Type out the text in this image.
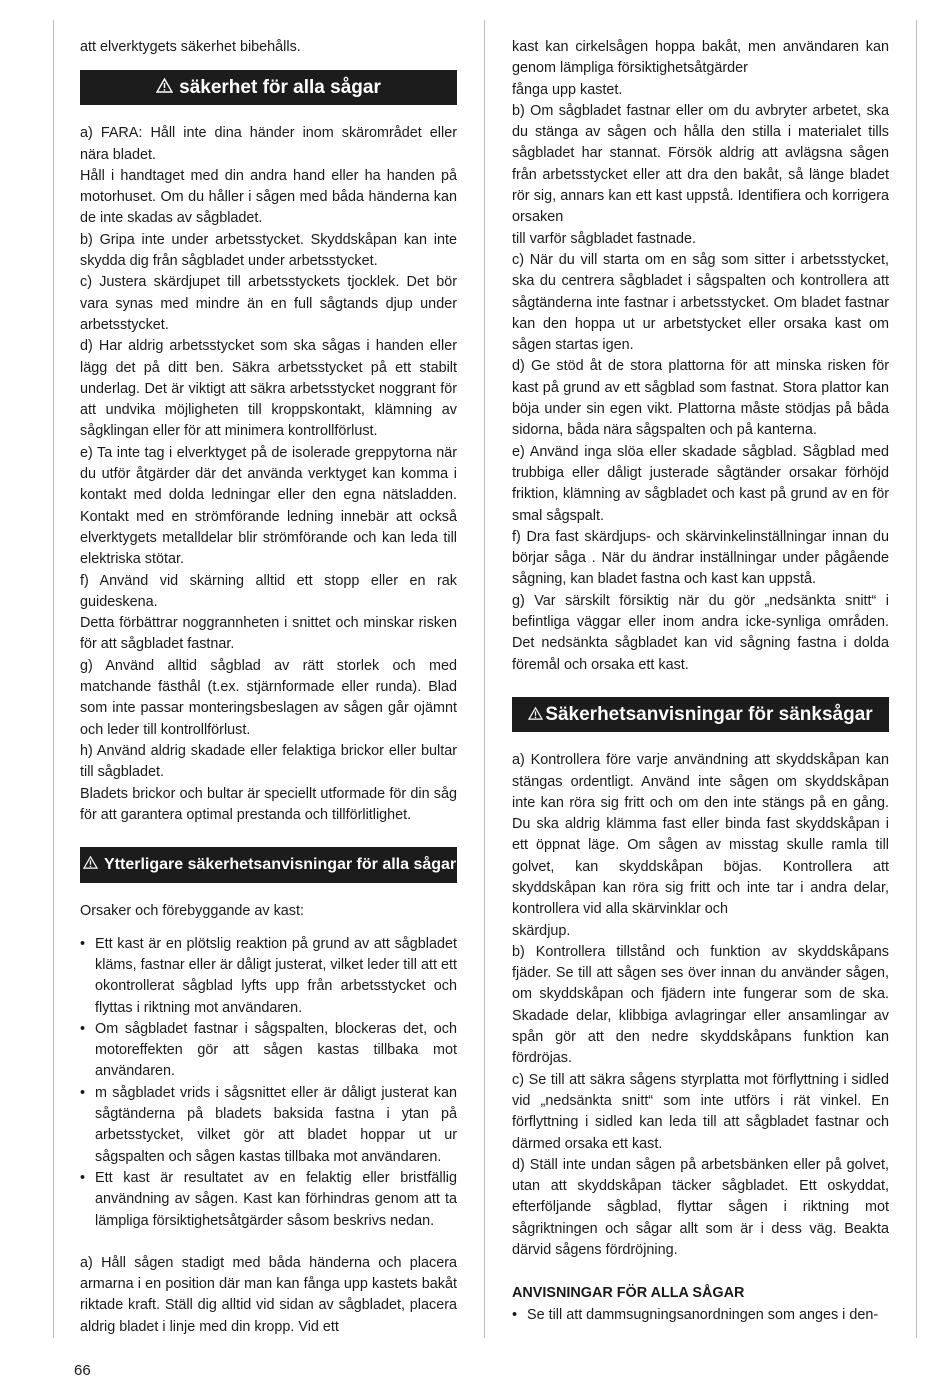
att elverktygets säkerhet bibehålls.

säkerhet för alla sågar

a) FARA: Håll inte dina händer inom skärområdet eller nära bladet.

Håll i handtaget med din andra hand eller ha handen på motorhuset. Om du håller i sågen med båda händerna kan de inte skadas av sågbladet.

b) Gripa inte under arbetsstycket. Skyddskåpan kan inte skydda dig från sågbladet under arbetsstycket.

c) Justera skärdjupet till arbetsstyckets tjocklek. Det bör vara synas med mindre än en full sågtands djup under arbetsstycket.

d) Har aldrig arbetsstycket som ska sågas i handen eller lägg det på ditt ben. Säkra arbetsstycket på ett stabilt underlag. Det är viktigt att säkra arbetsstycket noggrant för att undvika möjligheten till kroppskontakt, klämning av sågklingan eller för att minimera kontrollförlust.

e) Ta inte tag i elverktyget på de isolerade greppytorna när du utför åtgärder där det använda verktyget kan komma i kontakt med dolda ledningar eller den egna nätsladden. Kontakt med en strömförande ledning innebär att också elverktygets metalldelar blir strömförande och kan leda till elektriska stötar.

f) Använd vid skärning alltid ett stopp eller en rak guideskena.

Detta förbättrar noggrannheten i snittet och minskar risken för att sågbladet fastnar.

g) Använd alltid sågblad av rätt storlek och med matchande fästhål (t.ex. stjärnformade eller runda). Blad som inte passar monteringsbeslagen av sågen går ojämnt och leder till kontrollförlust.

h) Använd aldrig skadade eller felaktiga brickor eller bultar till sågbladet.

Bladets brickor och bultar är speciellt utformade för din såg för att garantera optimal prestanda och tillförlitlighet.

Ytterligare säkerhetsanvisningar för alla sågar

Orsaker och förebyggande av kast:

• Ett kast är en plötslig reaktion på grund av att sågbladet kläms, fastnar eller är dåligt justerat, vilket leder till att ett okontrollerat sågblad lyfts upp från arbetsstycket och flyttas i riktning mot användaren.
• Om sågbladet fastnar i sågspalten, blockeras det, och motoreffekten gör att sågen kastas tillbaka mot användaren.
• m sågbladet vrids i sågsnittet eller är dåligt justerat kan sågtänderna på bladets baksida fastna i ytan på arbetsstycket, vilket gör att bladet hoppar ut ur sågspalten och sågen kastas tillbaka mot användaren.
• Ett kast är resultatet av en felaktig eller bristfällig användning av sågen. Kast kan förhindras genom att ta lämpliga försiktighetsåtgärder såsom beskrivs nedan.

a) Håll sågen stadigt med båda händerna och placera armarna i en position där man kan fånga upp kastets bakåt riktade kraft. Ställ dig alltid vid sidan av sågbladet, placera aldrig bladet i linje med din kropp. Vid ett

kast kan cirkelsågen hoppa bakåt, men användaren kan genom lämpliga försiktighetsåtgärder

fånga upp kastet.

b) Om sågbladet fastnar eller om du avbryter arbetet, ska du stänga av sågen och hålla den stilla i materialet tills sågbladet har stannat. Försök aldrig att avlägsna sågen från arbetsstycket eller att dra den bakåt, så länge bladet rör sig, annars kan ett kast uppstå. Identifiera och korrigera orsaken

till varför sågbladet fastnade.

c) När du vill starta om en såg som sitter i arbetsstycket, ska du centrera sågbladet i sågspalten och kontrollera att sågtänderna inte fastnar i arbetsstycket. Om bladet fastnar kan den hoppa ut ur arbetstycket eller orsaka kast om sågen startas igen.

d) Ge stöd åt de stora plattorna för att minska risken för kast på grund av ett sågblad som fastnat. Stora plattor kan böja under sin egen vikt. Plattorna måste stödjas på båda sidorna, båda nära sågspalten och på kanterna.

e) Använd inga slöa eller skadade sågblad. Sågblad med trubbiga eller dåligt justerade sågtänder orsakar förhöjd friktion, klämning av sågbladet och kast på grund av en för smal sågspalt.

f) Dra fast skärdjups- och skärvinkelinställningar innan du börjar såga . När du ändrar inställningar under pågående sågning, kan bladet fastna och kast kan uppstå.

g) Var särskilt försiktig när du gör „nedsänkta snitt“ i befintliga väggar eller inom andra icke-synliga områden. Det nedsänkta sågbladet kan vid sågning fastna i dolda föremål och orsaka ett kast.

Säkerhetsanvisningar för sänksågar

a) Kontrollera före varje användning att skyddskåpan kan stängas ordentligt. Använd inte sågen om skyddskåpan inte kan röra sig fritt och om den inte stängs på en gång. Du ska aldrig klämma fast eller binda fast skyddskåpan i ett öppnat läge. Om sågen av misstag skulle ramla till golvet, kan skyddskåpan böjas. Kontrollera att skyddskåpan kan röra sig fritt och inte tar i andra delar, kontrollera vid alla skärvinklar och

skärdjup.

b) Kontrollera tillstånd och funktion av skyddskåpans fjäder. Se till att sågen ses över innan du använder sågen, om skyddskåpan och fjädern inte fungerar som de ska. Skadade delar, klibbiga avlagringar eller ansamlingar av spån gör att den nedre skyddskåpans funktion kan fördröjas.

c) Se till att säkra sågens styrplatta mot förflyttning i sidled vid „nedsänkta snitt“ som inte utförs i rät vinkel. En förflyttning i sidled kan leda till att sågbladet fastnar och därmed orsaka ett kast.

d) Ställ inte undan sågen på arbetsbänken eller på golvet, utan att skyddskåpan täcker sågbladet. Ett oskyddat, efterföljande sågblad, flyttar sågen i riktning mot sågriktningen och sågar allt som är i dess väg. Beakta därvid sågens fördröjning.

ANVISNINGAR FÖR ALLA SÅGAR
• Se till att dammsugningsanordningen som anges i den-
66
